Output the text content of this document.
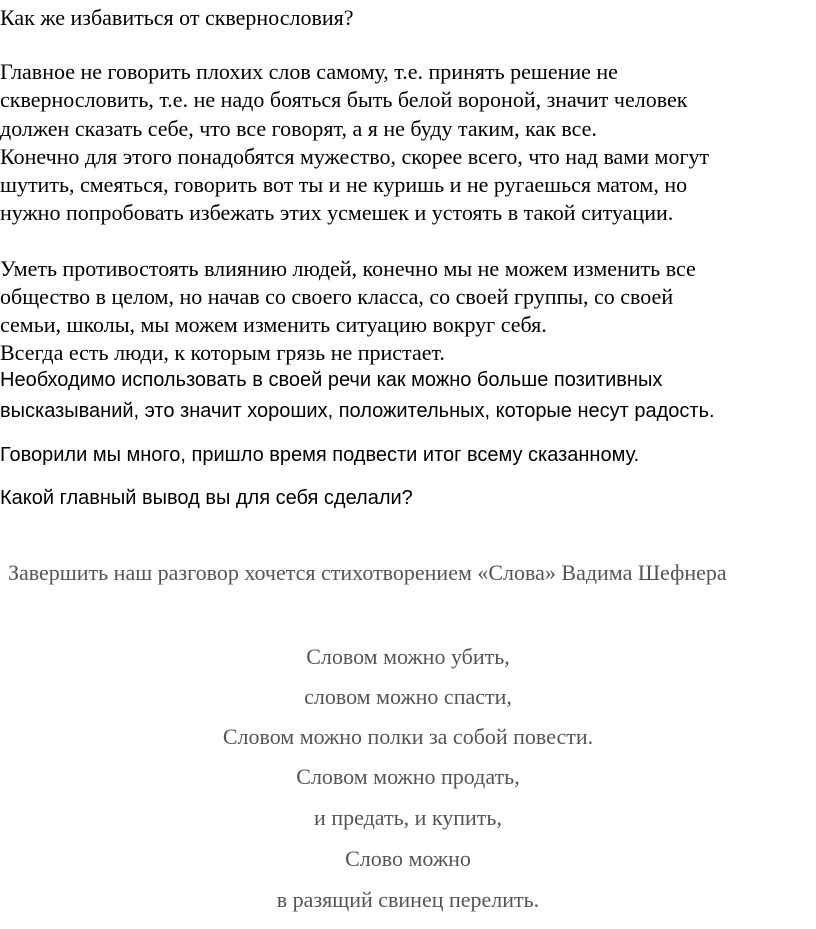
Как же избавиться от сквернословия?
Главное не говорить плохих слов самому, т.е. принять решение не
сквернословить, т.е. не надо бояться быть белой вороной, значит человек
должен сказать себе, что все говорят, а я не буду таким, как все.
Конечно для этого понадобятся мужество, скорее всего, что над вами могут
шутить, смеяться, говорить вот ты и не куришь и не ругаешься матом, но
нужно попробовать избежать этих усмешек и устоять в такой ситуации.
Уметь противостоять влиянию людей, конечно мы не можем изменить все
общество в целом, но начав со своего класса, со своей группы, со своей
семьи, школы, мы можем изменить ситуацию вокруг себя.
Всегда есть люди, к которым грязь не пристает.
Необходимо использовать в своей речи как можно больше позитивных
высказываний, это значит хороших, положительных, которые несут радость.
Говорили мы много, пришло время подвести итог всему сказанному.
Какой главный вывод вы для себя сделали?
Завершить наш разговор хочется стихотворением «Слова» Вадима Шефнера
Словом можно убить,
словом можно спасти,
Словом можно полки за собой повести.
Словом можно продать,
и предать, и купить,
Слово можно
в разящий свинец перелить.
